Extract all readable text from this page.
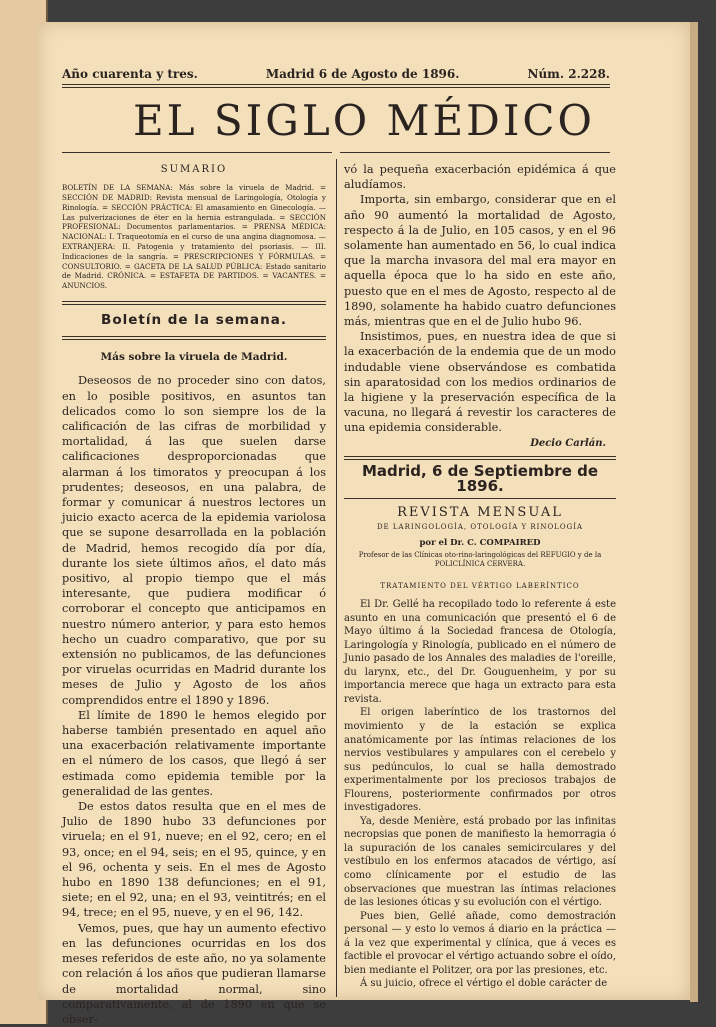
Año cuarenta y tres.	Madrid 6 de Agosto de 1896.	Núm. 2.228.
EL SIGLO MÉDICO
SUMARIO
BOLETÍN DE LA SEMANA: Más sobre la viruela de Madrid. = SECCIÓN DE MADRID: Revista mensual de Laringología, Otología y Rinología. = SECCIÓN PRÁCTICA: El amasamiento en Ginecología. — Las pulverizaciones de éter en la hernia estrangulada. = SECCIÓN PROFESIONAL: Documentos parlamentarios. = PRENSA MÉDICA: NACIONAL: I. Traqueotomía en el curso de una angina diagnomosa. — EXTRANJERA: II. Patogenia y tratamiento del psoriasis. — III. Indicaciones de la sangría. = PRESCRIPCIONES Y FÓRMULAS. = CONSULTORIO. = GACETA DE LA SALUD PÚBLICA: Estado sanitario de Madrid. CRÓNICA. = ESTAFETA DE PARTIDOS. = VACANTES. = ANUNCIOS.
Boletín de la semana.
Más sobre la viruela de Madrid.

Deseosos de no proceder sino con datos, en lo posible positivos, en asuntos tan delicados como lo son siempre los de la calificación de las cifras de morbilidad y mortalidad, á las que suelen darse calificaciones desproporcionadas que alarman á los timoratos y preocupan á los prudentes; deseosos, en una palabra, de formar y comunicar á nuestros lectores un juicio exacto acerca de la epidemia variolosa que se supone desarrollada en la población de Madrid, hemos recogido día por día, durante los siete últimos años, el dato más positivo, al propio tiempo que el más interesante, que pudiera modificar ó corroborar el concepto que anticipamos en nuestro número anterior, y para esto hemos hecho un cuadro comparativo, que por su extensión no publicamos, de las defunciones por viruelas ocurridas en Madrid durante los meses de Julio y Agosto de los años comprendidos entre el 1890 y 1896.

El límite de 1890 le hemos elegido por haberse también presentado en aquel año una exacerbación relativamente importante en el número de los casos, que llegó á ser estimada como epidemia temible por la generalidad de las gentes.

De estos datos resulta que en el mes de Julio de 1890 hubo 33 defunciones por viruela; en el 91, nueve; en el 92, cero; en el 93, once; en el 94, seis; en el 95, quince, y en el 96, ochenta y seis. En el mes de Agosto hubo en 1890 138 defunciones; en el 91, siete; en el 92, una; en el 93, veintitrés; en el 94, trece; en el 95, nueve, y en el 96, 142.

Vemos, pues, que hay un aumento efectivo en las defunciones ocurridas en los dos meses referidos de este año, no ya solamente con relación á los años que pudieran llamarse de mortalidad normal, sino comparativamente, al de 1890 en que se obser-

vó la pequeña exacerbación epidémica á que aludíamos.

Importa, sin embargo, considerar que en el año 90 aumentó la mortalidad de Agosto, respecto á la de Julio, en 105 casos, y en el 96 solamente han aumentado en 56, lo cual indica que la marcha invasora del mal era mayor en aquella época que lo ha sido en este año, puesto que en el mes de Agosto, respecto al de 1890, solamente ha habido cuatro defunciones más, mientras que en el de Julio hubo 96.

Insistimos, pues, en nuestra idea de que si la exacerbación de la endemia que de un modo indudable viene observándose es combatida sin aparatosidad con los medios ordinarios de la higiene y la preservación específica de la vacuna, no llegará á revestir los caracteres de una epidemia considerable.

Decio Carlán.
Madrid, 6 de Septiembre de 1896.
REVISTA MENSUAL
DE LARINGOLOGÍA, OTOLOGÍA Y RINOLOGÍA
por el Dr. C. COMPAIRED
Profesor de las Clínicas oto-rino-laringológicas del REFUGIO y de la POLICLÍNICA CERVERA.
TRATAMIENTO DEL VÉRTIGO LABERÍNTICO

El Dr. Gellé ha recopilado todo lo referente á este asunto en una comunicación que presentó el 6 de Mayo último á la Sociedad francesa de Otología, Laringología y Rinología, publicado en el número de Junio pasado de los Annales des maladies de l'oreille, du larynx, etc., del Dr. Gouguenheim, y por su importancia merece que haga un extracto para esta revista.

El origen laberíntico de los trastornos del movimiento y de la estación se explica anatómicamente por las íntimas relaciones de los nervios vestibulares y ampulares con el cerebelo y sus pedúnculos, lo cual se halla demostrado experimentalmente por los preciosos trabajos de Flourens, posteriormente confirmados por otros investigadores.

Ya, desde Menière, está probado por las infinitas necropsias que ponen de manifiesto la hemorragia ó la supuración de los canales semicirculares y del vestíbulo en los enfermos atacados de vértigo, así como clínicamente por el estudio de las observaciones que muestran las íntimas relaciones de las lesiones óticas y su evolución con el vértigo.

Pues bien, Gellé añade, como demostración personal — y esto lo vemos á diario en la práctica — á la vez que experimental y clínica, que á veces es factible el provocar el vértigo actuando sobre el oído, bien mediante el Politzer, ora por las presiones, etc.

Á su juicio, ofrece el vértigo el doble carácter de
